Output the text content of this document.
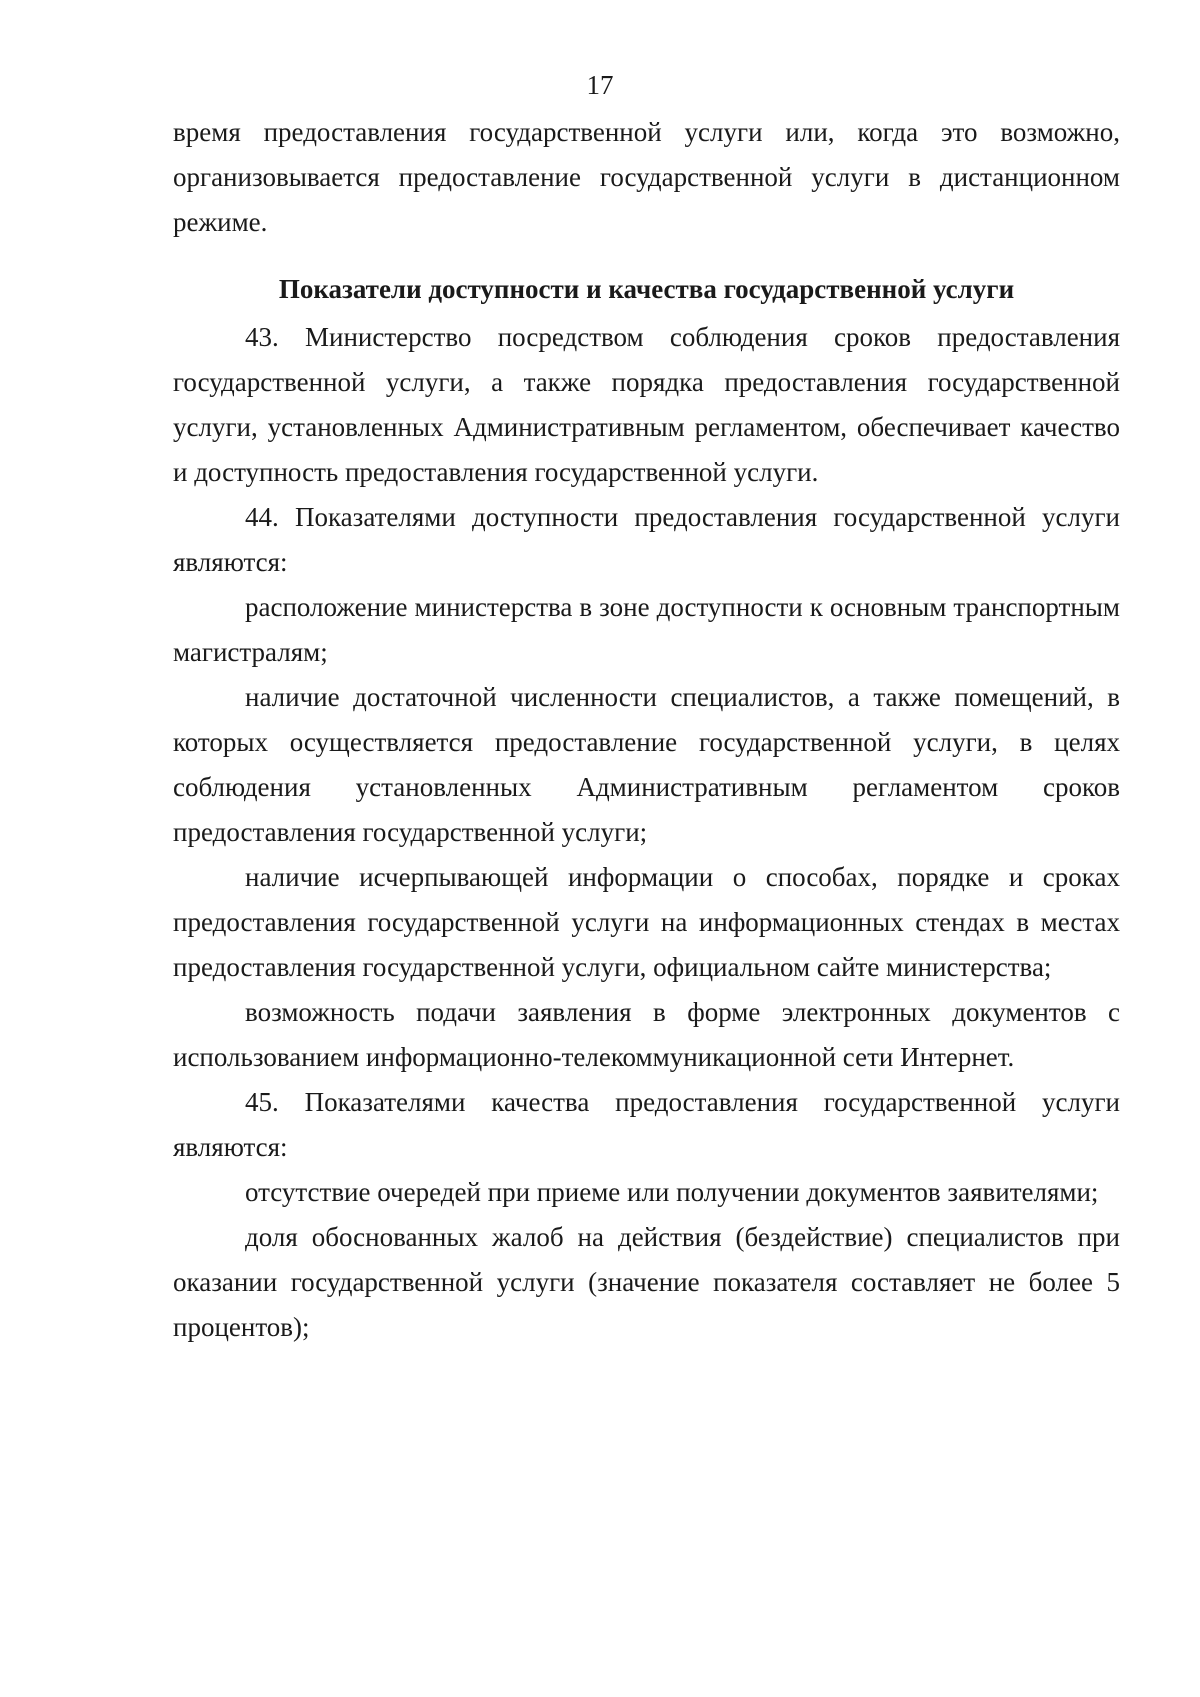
17

время предоставления государственной услуги или, когда это возможно, организовывается предоставление государственной услуги в дистанционном режиме.

Показатели доступности и качества государственной услуги

43. Министерство посредством соблюдения сроков предоставления государственной услуги, а также порядка предоставления государственной услуги, установленных Административным регламентом, обеспечивает качество и доступность предоставления государственной услуги.

44. Показателями доступности предоставления государственной услуги являются:

расположение министерства в зоне доступности к основным транспортным магистралям;

наличие достаточной численности специалистов, а также помещений, в которых осуществляется предоставление государственной услуги, в целях соблюдения установленных Административным регламентом сроков предоставления государственной услуги;

наличие исчерпывающей информации о способах, порядке и сроках предоставления государственной услуги на информационных стендах в местах предоставления государственной услуги, официальном сайте министерства;

возможность подачи заявления в форме электронных документов с использованием информационно-телекоммуникационной сети Интернет.

45. Показателями качества предоставления государственной услуги являются:

отсутствие очередей при приеме или получении документов заявителями;

доля обоснованных жалоб на действия (бездействие) специалистов при оказании государственной услуги (значение показателя составляет не более 5 процентов);
